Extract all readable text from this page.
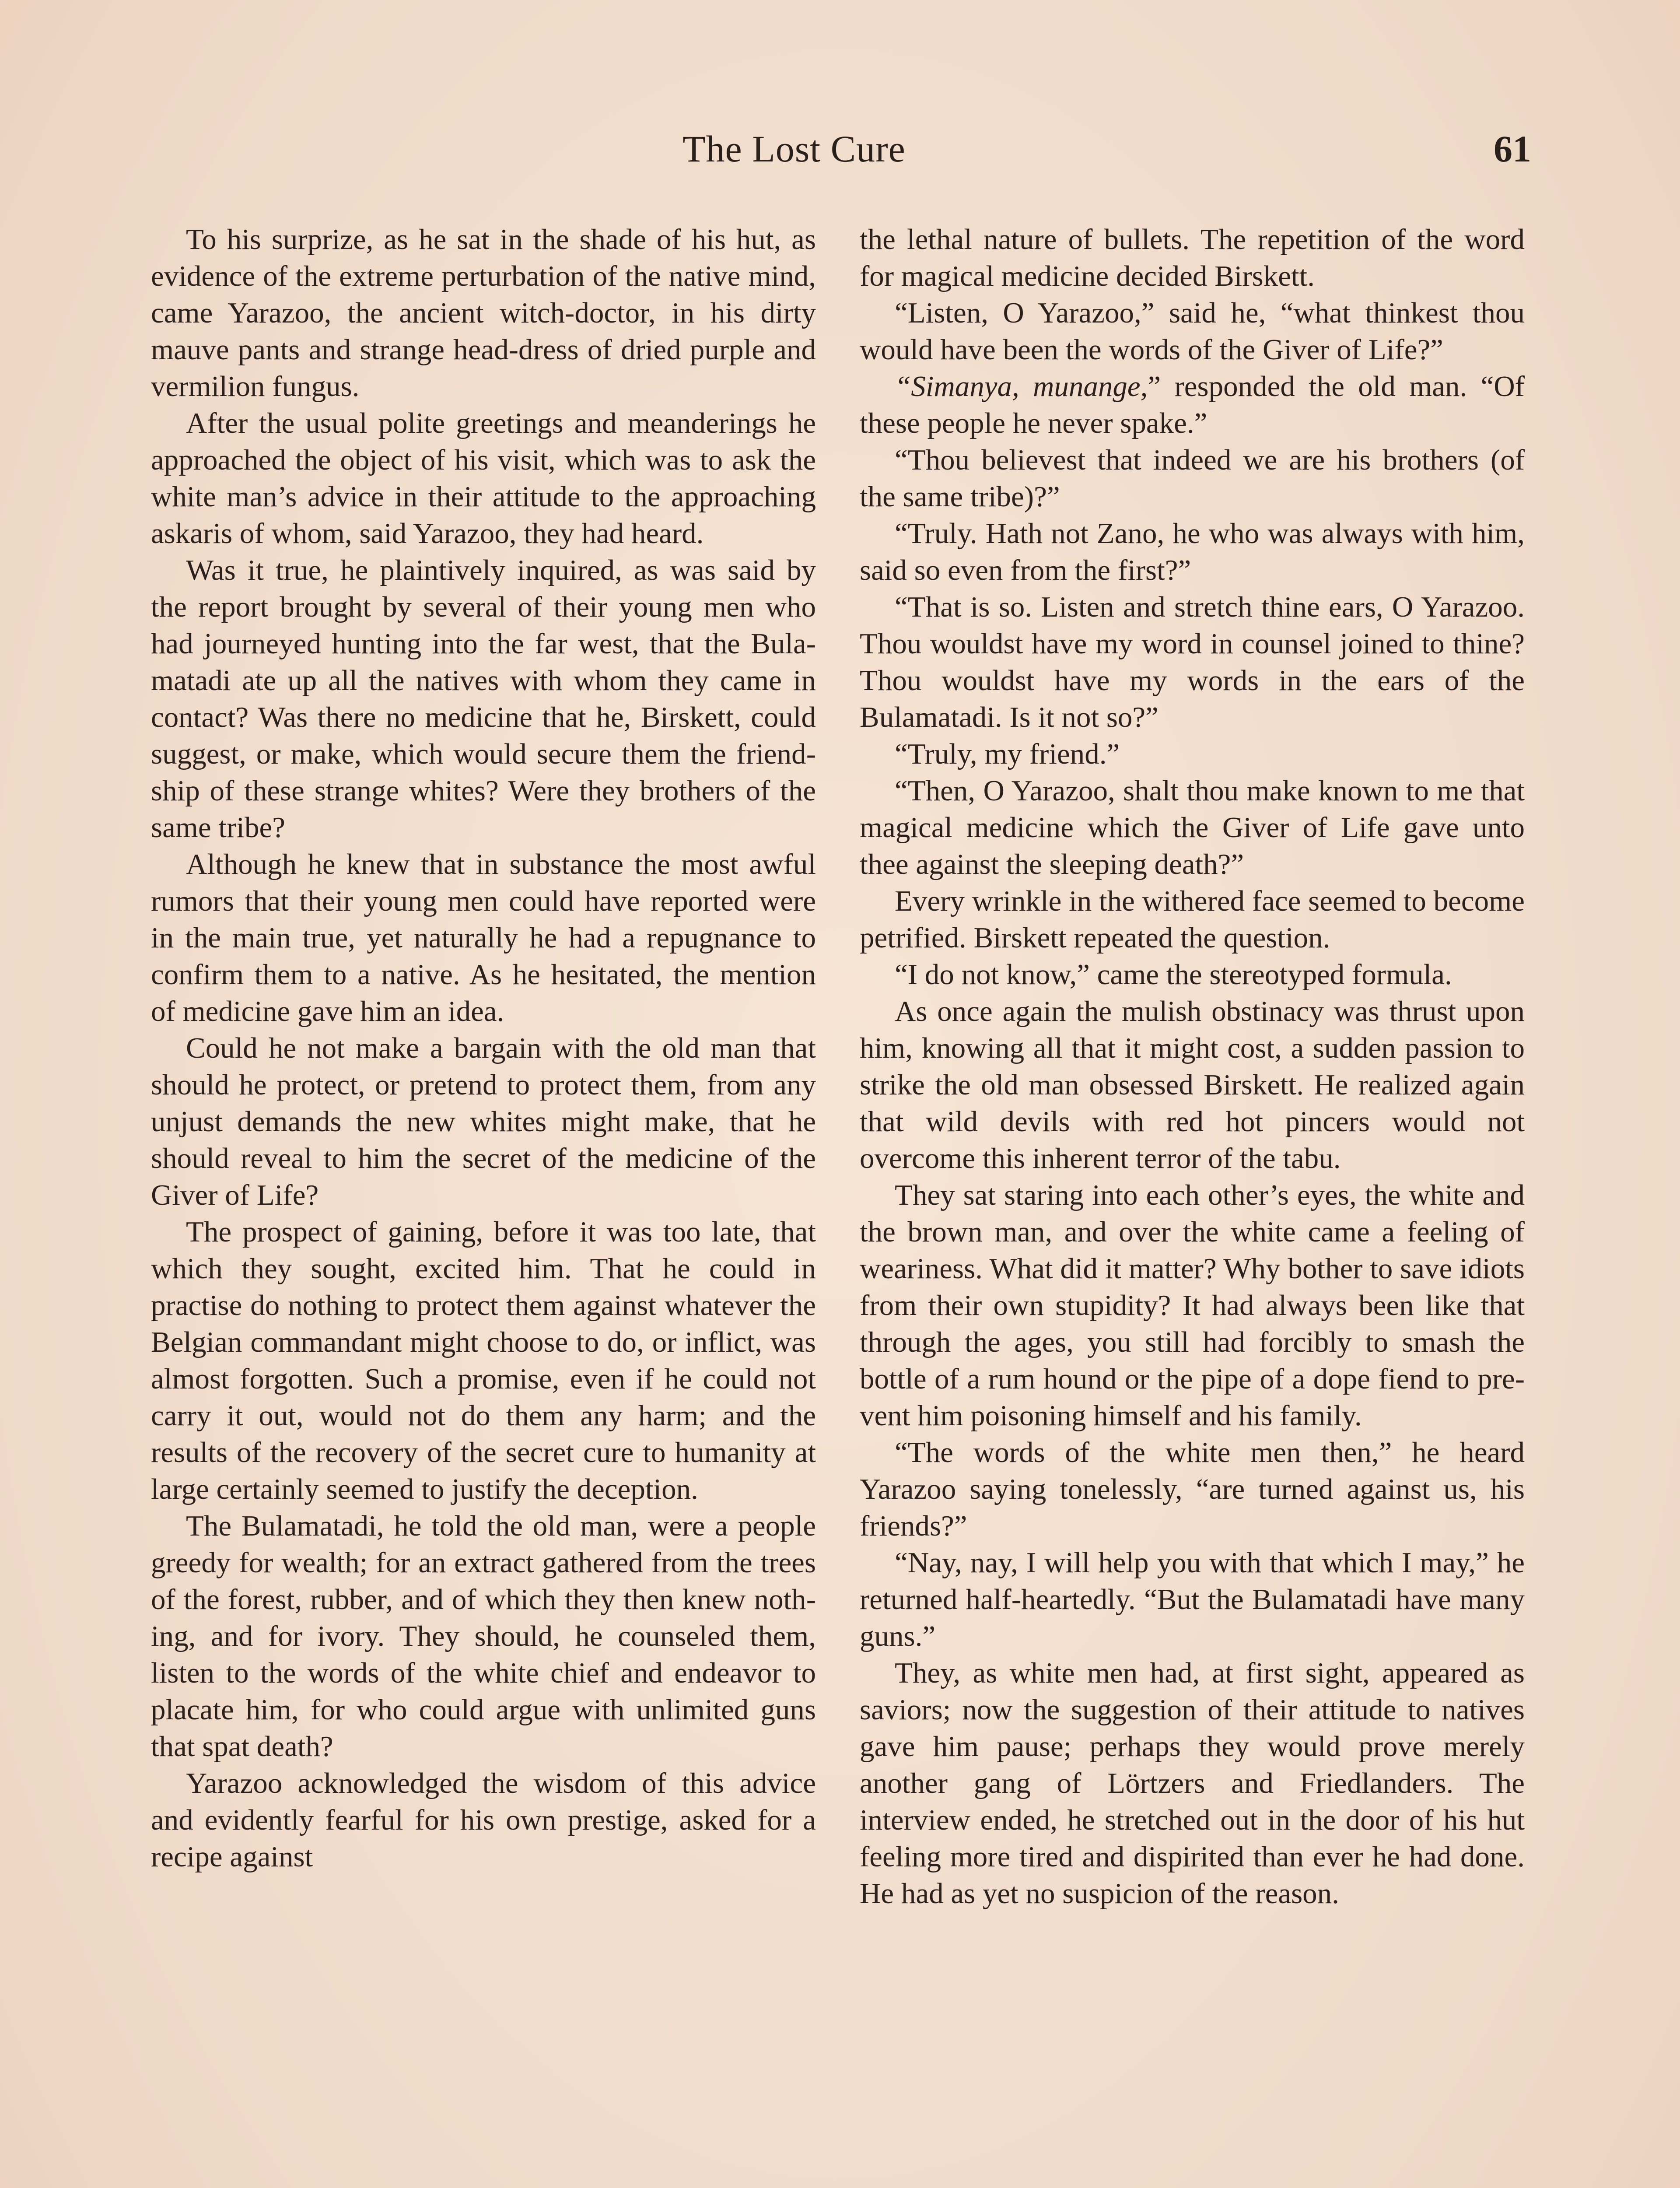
The Lost Cure	61

To his surprize, as he sat in the shade of his hut, as evidence of the extreme perturbation of the native mind, came Yarazoo, the ancient witch-doctor, in his dirty mauve pants and strange head-dress of dried purple and vermilion fungus.

After the usual polite greetings and meanderings he approached the object of his visit, which was to ask the white man’s advice in their attitude to the approaching askaris of whom, said Yarazoo, they had heard.

Was it true, he plaintively inquired, as was said by the report brought by several of their young men who had journeyed hunting into the far west, that the Bulamatadi ate up all the natives with whom they came in contact? Was there no medicine that he, Birskett, could suggest, or make, which would secure them the friendship of these strange whites? Were they brothers of the same tribe?

Although he knew that in substance the most awful rumors that their young men could have reported were in the main true, yet naturally he had a repugnance to confirm them to a native. As he hesitated, the mention of medicine gave him an idea.

Could he not make a bargain with the old man that should he protect, or pretend to protect them, from any unjust demands the new whites might make, that he should reveal to him the secret of the medicine of the Giver of Life?

The prospect of gaining, before it was too late, that which they sought, excited him. That he could in practise do nothing to protect them against whatever the Belgian commandant might choose to do, or inflict, was almost forgotten. Such a promise, even if he could not carry it out, would not do them any harm; and the results of the recovery of the secret cure to humanity at large certainly seemed to justify the deception.

The Bulamatadi, he told the old man, were a people greedy for wealth; for an extract gathered from the trees of the forest, rubber, and of which they then knew nothing, and for ivory. They should, he counseled them, listen to the words of the white chief and endeavor to placate him, for who could argue with unlimited guns that spat death?

Yarazoo acknowledged the wisdom of this advice and evidently fearful for his own prestige, asked for a recipe against

the lethal nature of bullets. The repetition of the word for magical medicine decided Birskett.

“Listen, O Yarazoo,” said he, “what thinkest thou would have been the words of the Giver of Life?”

“Simanya, munange,” responded the old man. “Of these people he never spake.”

“Thou believest that indeed we are his brothers (of the same tribe)?”

“Truly. Hath not Zano, he who was always with him, said so even from the first?”

“That is so. Listen and stretch thine ears, O Yarazoo. Thou wouldst have my word in counsel joined to thine? Thou wouldst have my words in the ears of the Bulamatadi. Is it not so?”

“Truly, my friend.”

“Then, O Yarazoo, shalt thou make known to me that magical medicine which the Giver of Life gave unto thee against the sleeping death?”

Every wrinkle in the withered face seemed to become petrified. Birskett repeated the question.

“I do not know,” came the stereotyped formula.

As once again the mulish obstinacy was thrust upon him, knowing all that it might cost, a sudden passion to strike the old man obsessed Birskett. He realized again that wild devils with red hot pincers would not overcome this inherent terror of the tabu.

They sat staring into each other’s eyes, the white and the brown man, and over the white came a feeling of weariness. What did it matter? Why bother to save idiots from their own stupidity? It had always been like that through the ages, you still had forcibly to smash the bottle of a rum hound or the pipe of a dope fiend to prevent him poisoning himself and his family.

“The words of the white men then,” he heard Yarazoo saying tonelessly, “are turned against us, his friends?”

“Nay, nay, I will help you with that which I may,” he returned half-heartedly. “But the Bulamatadi have many guns.”

They, as white men had, at first sight, appeared as saviors; now the suggestion of their attitude to natives gave him pause; perhaps they would prove merely another gang of Lörtzers and Friedlanders. The interview ended, he stretched out in the door of his hut feeling more tired and dispirited than ever he had done. He had as yet no suspicion of the reason.
